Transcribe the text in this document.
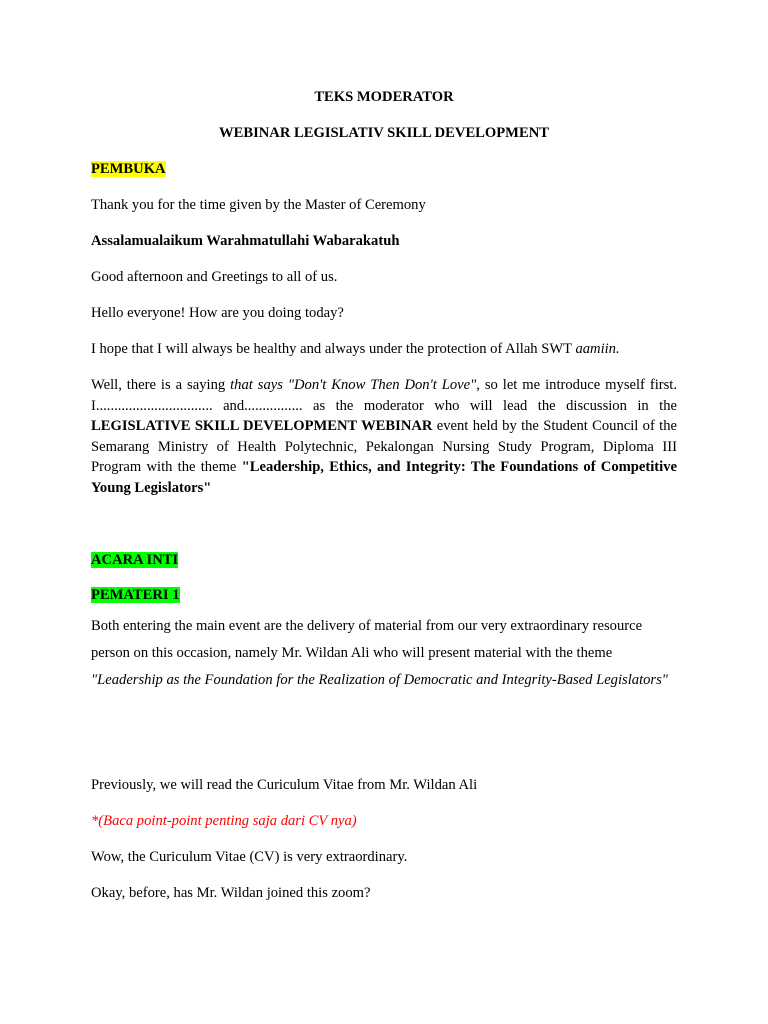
TEKS MODERATOR

WEBINAR LEGISLATIV SKILL DEVELOPMENT

PEMBUKA

Thank you for the time given by the Master of Ceremony

Assalamualaikum Warahmatullahi Wabarakatuh

Good afternoon and Greetings to all of us.

Hello everyone! How are you doing today?

I hope that I will always be healthy and always under the protection of Allah SWT aamiin.

Well, there is a saying that says "Don't Know Then Don't Love", so let me introduce myself first.
I................................ and................ as the moderator who will lead the discussion in the
LEGISLATIVE SKILL DEVELOPMENT WEBINAR event held by the Student Council of the Semarang Ministry of Health Polytechnic, Pekalongan Nursing Study Program, Diploma III Program with the theme "Leadership, Ethics, and Integrity: The Foundations of Competitive Young Legislators"

ACARA INTI

PEMATERI 1

Both entering the main event are the delivery of material from our very extraordinary resource person on this occasion, namely Mr. Wildan Ali who will present material with the theme
"Leadership as the Foundation for the Realization of Democratic and Integrity-Based Legislators"

Previously, we will read the Curiculum Vitae from Mr. Wildan Ali

*(Baca point-point penting saja dari CV nya)

Wow, the Curiculum Vitae (CV) is very extraordinary.

Okay, before, has Mr. Wildan joined this zoom?
